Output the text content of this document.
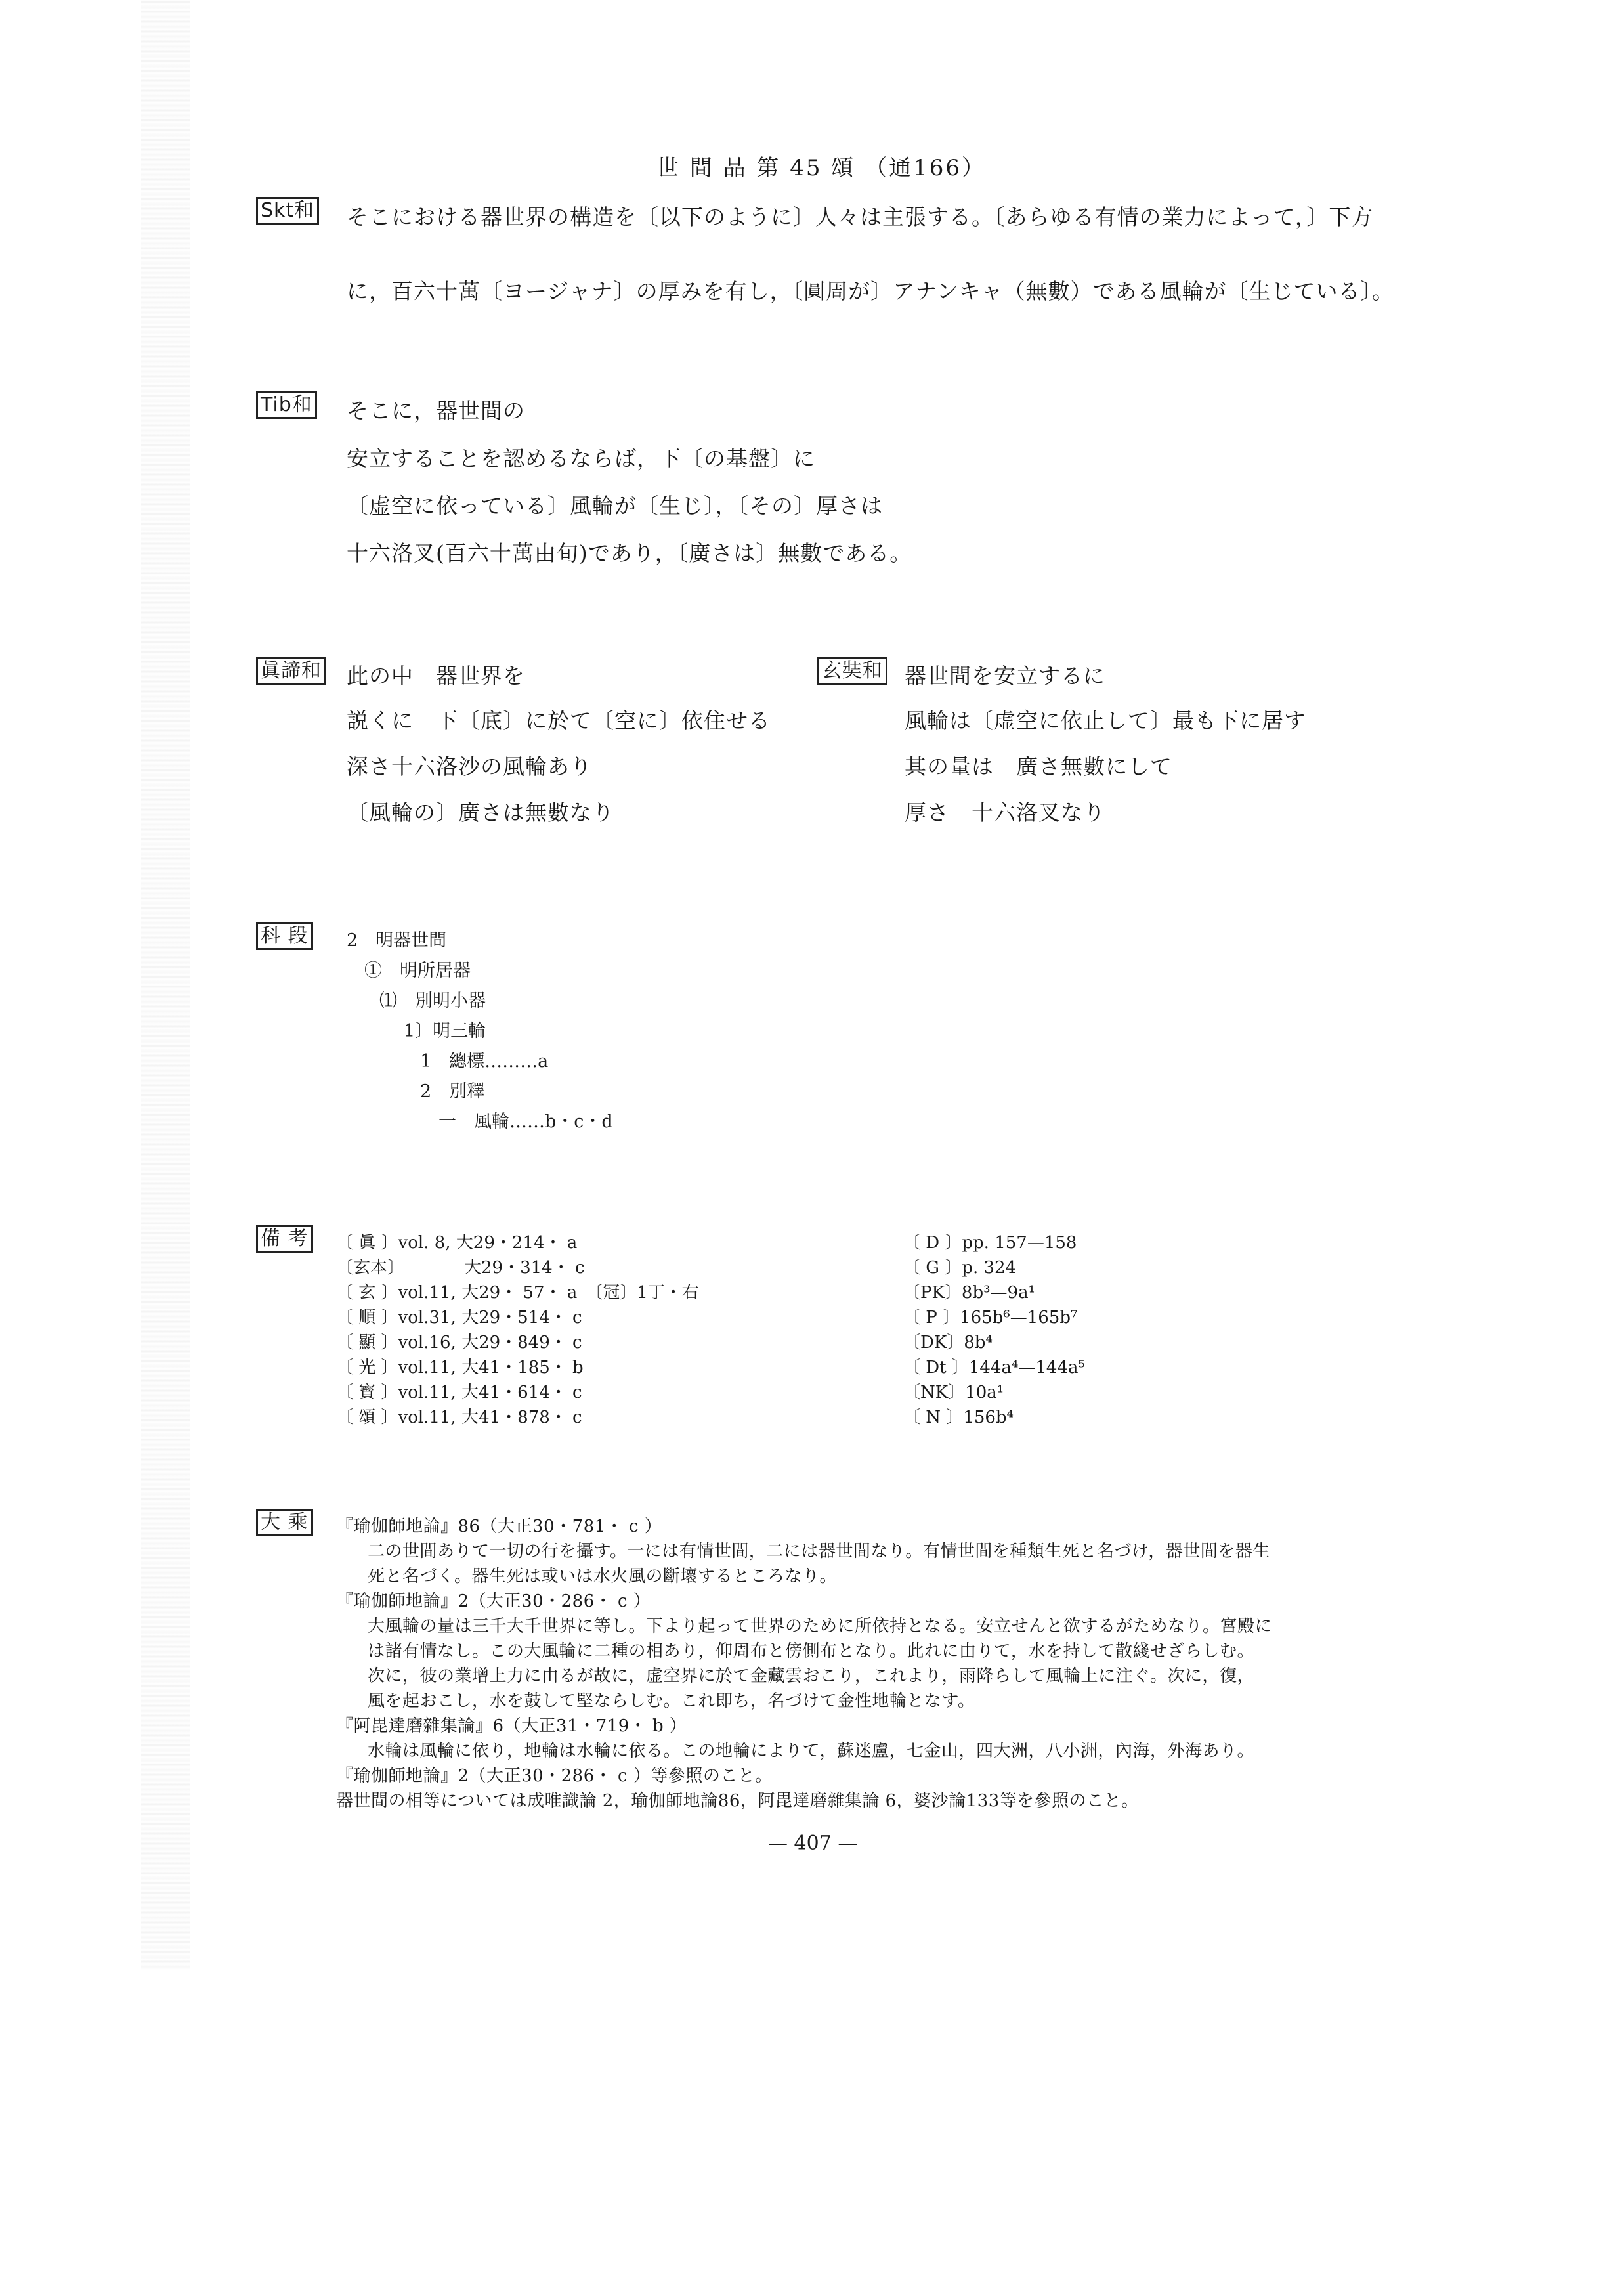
世 間 品 第 45 頌 （通166）
Skt和 そこにおける器世界の構造を〔以下のように〕人々は主張する。〔あらゆる有情の業力によって，〕下方
に，百六十萬〔ヨージャナ〕の厚みを有し，〔圓周が〕アナンキャ（無數）である風輪が〔生じている〕。
Tib和 そこに，器世間の
安立することを認めるならば，下〔の基盤〕に
〔虚空に依っている〕風輪が〔生じ〕，〔その〕厚さは
十六洛叉(百六十萬由旬)であり，〔廣さは〕無數である。
眞諦和 此の中　器世界を
説くに　下〔底〕に於て〔空に〕依住せる
深さ十六洛沙の風輪あり
〔風輪の〕廣さは無數なり
玄奘和 器世間を安立するに
風輪は〔虚空に依止して〕最も下に居す
其の量は　廣さ無數にして
厚さ　十六洛叉なり
科 段 2　明器世間
①　明所居器
⑴　別明小器
1〕明三輪
1　總標………a
2　別釋
一　風輪……b・c・d
備 考 〔 眞 〕vol. 8, 大29・214・ a
〔玄本〕　　　　大29・314・ c
〔 玄 〕vol.11, 大29・ 57・ a　〔冠〕1丁・右
〔 順 〕vol.31, 大29・514・ c
〔 顯 〕vol.16, 大29・849・ c
〔 光 〕vol.11, 大41・185・ b
〔 寳 〕vol.11, 大41・614・ c
〔 頌 〕vol.11, 大41・878・ c
〔 D 〕pp. 157—158
〔 G 〕p. 324
〔PK〕8b³—9a¹
〔 P 〕165b⁶—165b⁷
〔DK〕8b⁴
〔 Dt 〕144a⁴—144a⁵
〔NK〕10a¹
〔 N 〕156b⁴
大 乘 『瑜伽師地論』86（大正30・781・ c ）
二の世間ありて一切の行を攝す。一には有情世間，二には器世間なり。有情世間を種類生死と名づけ，器世間を器生
死と名づく。器生死は或いは水火風の斷壞するところなり。
『瑜伽師地論』2（大正30・286・ c ）
大風輪の量は三千大千世界に等し。下より起って世界のために所依持となる。安立せんと欲するがためなり。宮殿に
は諸有情なし。この大風輪に二種の相あり，仰周布と傍側布となり。此れに由りて，水を持して散綫せざらしむ。
次に，彼の業增上力に由るが故に，虚空界に於て金藏雲おこり，これより，雨降らして風輪上に注ぐ。次に，復，
風を起おこし，水を鼓して堅ならしむ。これ即ち，名づけて金性地輪となす。
『阿毘達磨雜集論』6（大正31・719・ b ）
水輪は風輪に依り，地輪は水輪に依る。この地輪によりて，蘇迷盧，七金山，四大洲，八小洲，內海，外海あり。
『瑜伽師地論』2（大正30・286・ c ）等參照のこと。
器世間の相等については成唯識論 2，瑜伽師地論86，阿毘達磨雜集論 6，婆沙論133等を參照のこと。
— 407 —
